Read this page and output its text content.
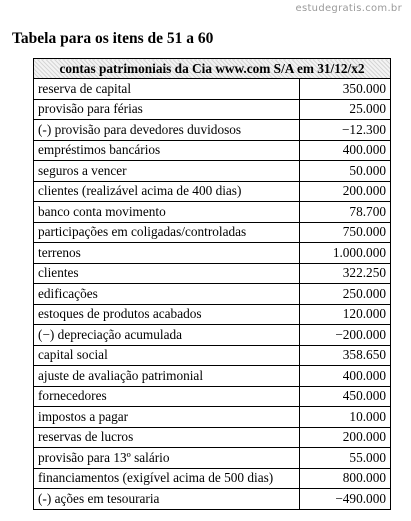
estudegratis.com.br
Tabela para os itens de 51 a 60
contas patrimoniais da Cia www.com S/A em 31/12/x2	
reserva de capital	350.000
provisão para férias	25.000
(-) provisão para devedores duvidosos	−12.300
empréstimos bancários	400.000
seguros a vencer	50.000
clientes (realizável acima de 400 dias)	200.000
banco conta movimento	78.700
participações em coligadas/controladas	750.000
terrenos	1.000.000
clientes	322.250
edificações	250.000
estoques de produtos acabados	120.000
(−) depreciação acumulada	−200.000
capital social	358.650
ajuste de avaliação patrimonial	400.000
fornecedores	450.000
impostos a pagar	10.000
reservas de lucros	200.000
provisão para 13º salário	55.000
financiamentos (exigível acima de 500 dias)	800.000
(-) ações em tesouraria	−490.000
